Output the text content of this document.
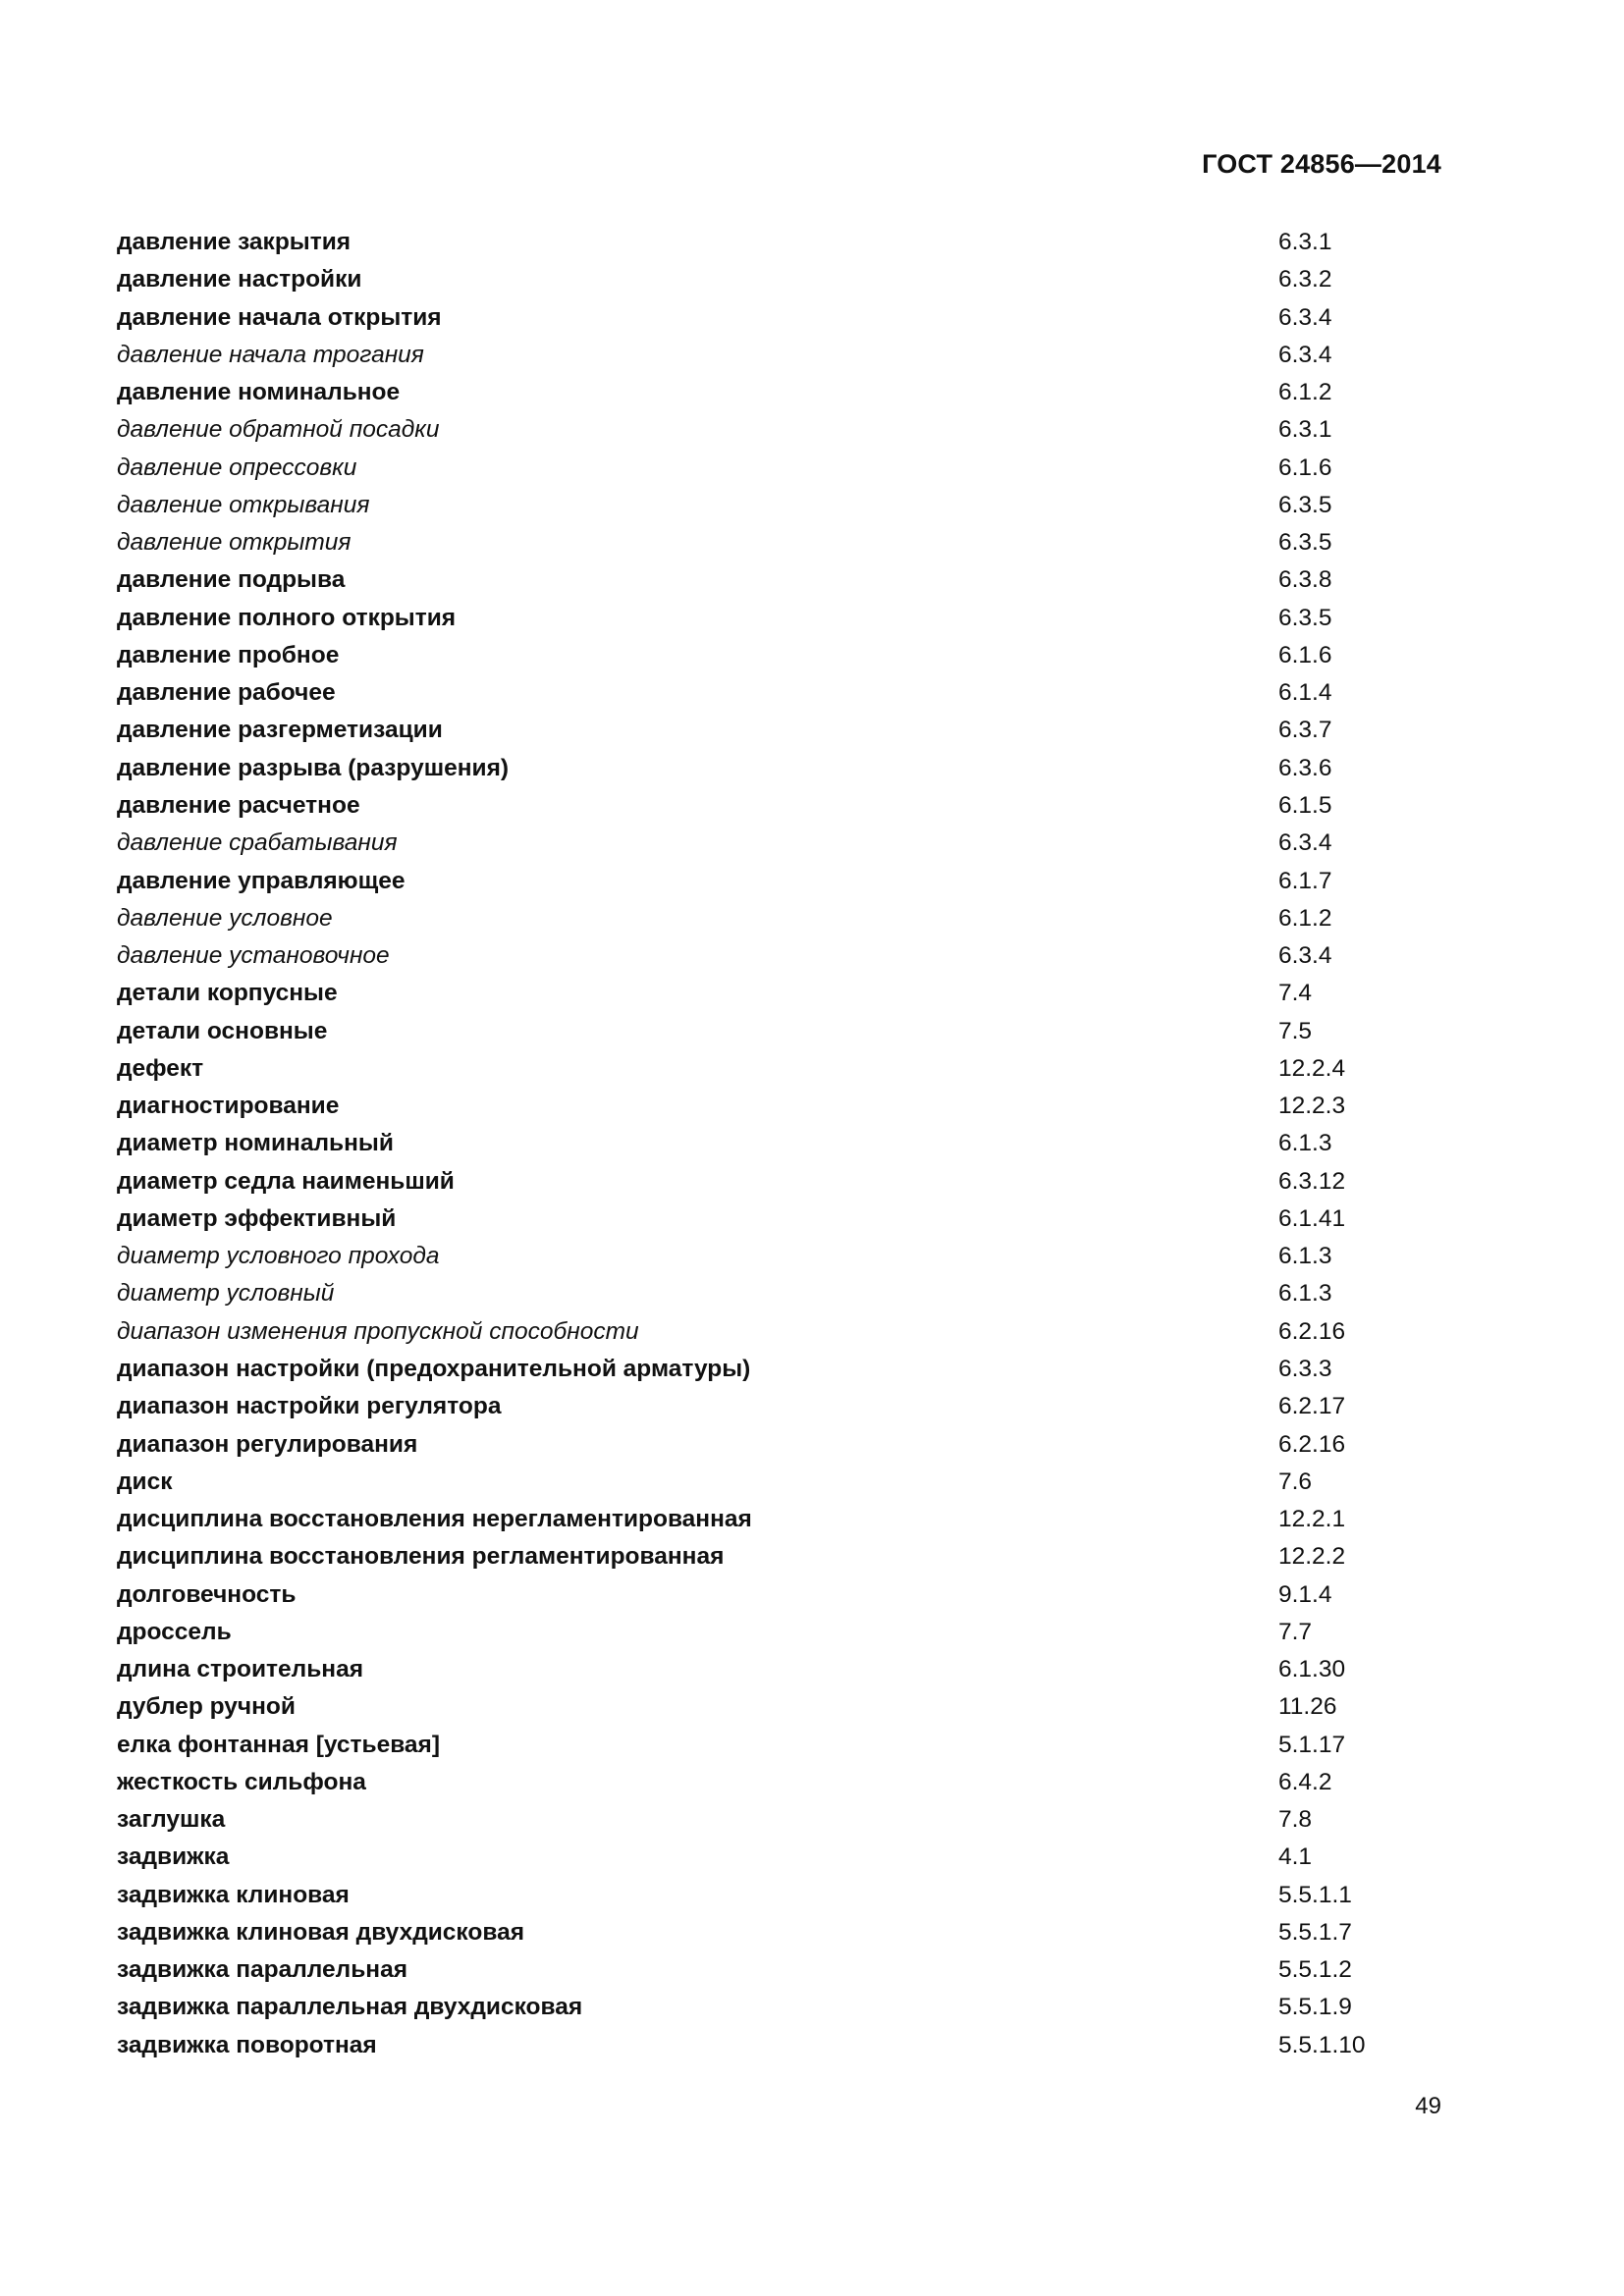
ГОСТ 24856—2014
давление закрытия	6.3.1
давление настройки	6.3.2
давление начала открытия	6.3.4
давление начала трогания	6.3.4
давление номинальное	6.1.2
давление обратной посадки	6.3.1
давление опрессовки	6.1.6
давление открывания	6.3.5
давление открытия	6.3.5
давление подрыва	6.3.8
давление полного открытия	6.3.5
давление пробное	6.1.6
давление рабочее	6.1.4
давление разгерметизации	6.3.7
давление разрыва (разрушения)	6.3.6
давление расчетное	6.1.5
давление срабатывания	6.3.4
давление управляющее	6.1.7
давление условное	6.1.2
давление установочное	6.3.4
детали корпусные	7.4
детали основные	7.5
дефект	12.2.4
диагностирование	12.2.3
диаметр номинальный	6.1.3
диаметр седла наименьший	6.3.12
диаметр эффективный	6.1.41
диаметр условного прохода	6.1.3
диаметр условный	6.1.3
диапазон изменения пропускной способности	6.2.16
диапазон настройки (предохранительной арматуры)	6.3.3
диапазон настройки регулятора	6.2.17
диапазон регулирования	6.2.16
диск	7.6
дисциплина восстановления нерегламентированная	12.2.1
дисциплина восстановления регламентированная	12.2.2
долговечность	9.1.4
дроссель	7.7
длина строительная	6.1.30
дублер ручной	11.26
елка фонтанная [устьевая]	5.1.17
жесткость сильфона	6.4.2
заглушка	7.8
задвижка	4.1
задвижка клиновая	5.5.1.1
задвижка клиновая двухдисковая	5.5.1.7
задвижка параллельная	5.5.1.2
задвижка параллельная двухдисковая	5.5.1.9
задвижка поворотная	5.5.1.10
49
